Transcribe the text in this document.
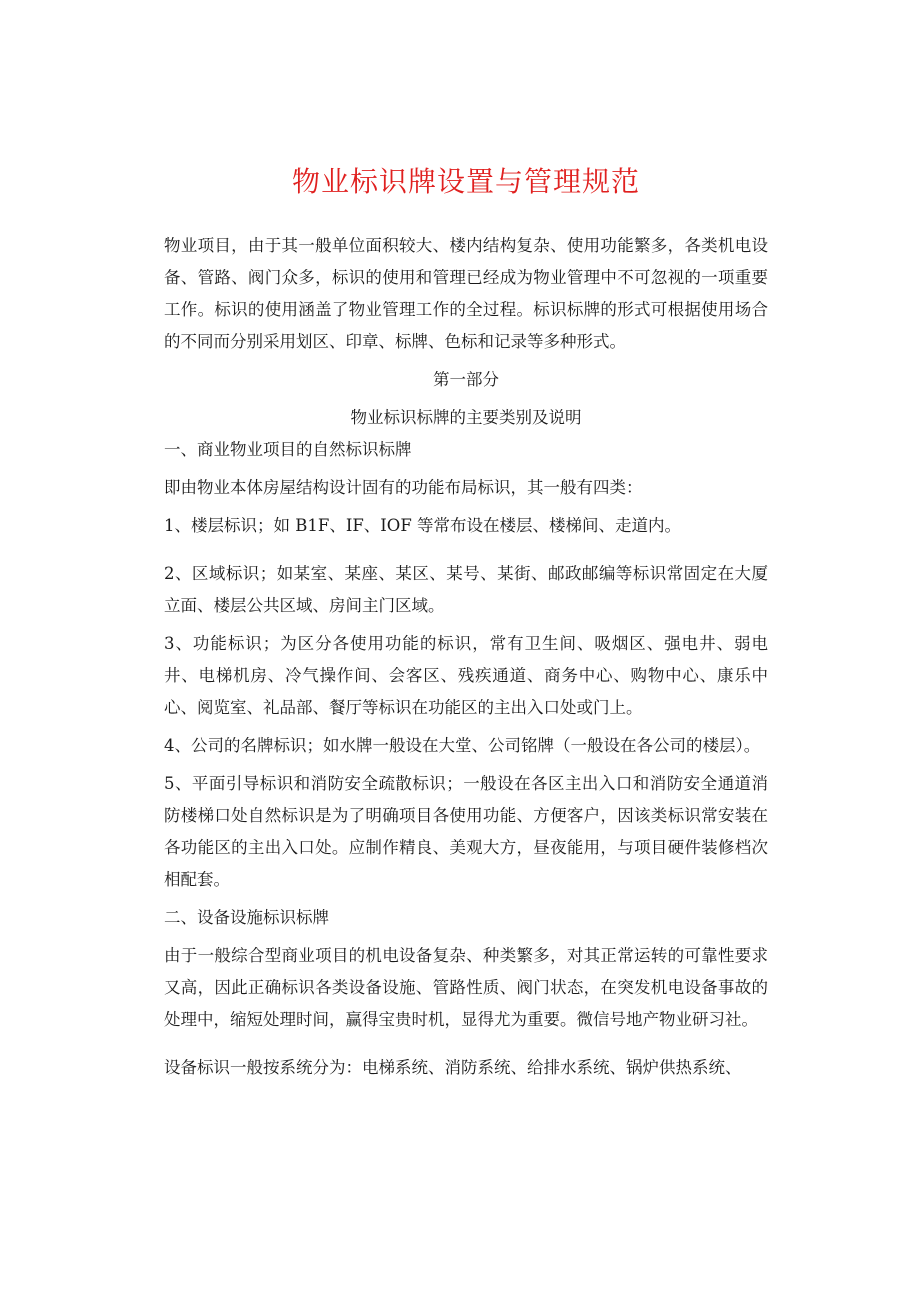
物业标识牌设置与管理规范

物业项目，由于其一般单位面积较大、楼内结构复杂、使用功能繁多，各类机电设备、管路、阀门众多，标识的使用和管理已经成为物业管理中不可忽视的一项重要工作。标识的使用涵盖了物业管理工作的全过程。标识标牌的形式可根据使用场合的不同而分别采用划区、印章、标牌、色标和记录等多种形式。

第一部分

物业标识标牌的主要类别及说明

一、商业物业项目的自然标识标牌

即由物业本体房屋结构设计固有的功能布局标识，其一般有四类：

1、楼层标识；如 B1F、IF、IOF 等常布设在楼层、楼梯间、走道内。

2、区域标识；如某室、某座、某区、某号、某街、邮政邮编等标识常固定在大厦立面、楼层公共区域、房间主门区域。

3、功能标识；为区分各使用功能的标识，常有卫生间、吸烟区、强电井、弱电井、电梯机房、冷气操作间、会客区、残疾通道、商务中心、购物中心、康乐中心、阅览室、礼品部、餐厅等标识在功能区的主出入口处或门上。

4、公司的名牌标识；如水牌一般设在大堂、公司铭牌（一般设在各公司的楼层）。

5、平面引导标识和消防安全疏散标识；一般设在各区主出入口和消防安全通道消防楼梯口处自然标识是为了明确项目各使用功能、方便客户，因该类标识常安装在各功能区的主出入口处。应制作精良、美观大方，昼夜能用，与项目硬件装修档次相配套。

二、设备设施标识标牌

由于一般综合型商业项目的机电设备复杂、种类繁多，对其正常运转的可靠性要求又高，因此正确标识各类设备设施、管路性质、阀门状态，在突发机电设备事故的处理中，缩短处理时间，赢得宝贵时机，显得尤为重要。微信号地产物业研习社。

设备标识一般按系统分为：电梯系统、消防系统、给排水系统、锅炉供热系统、
